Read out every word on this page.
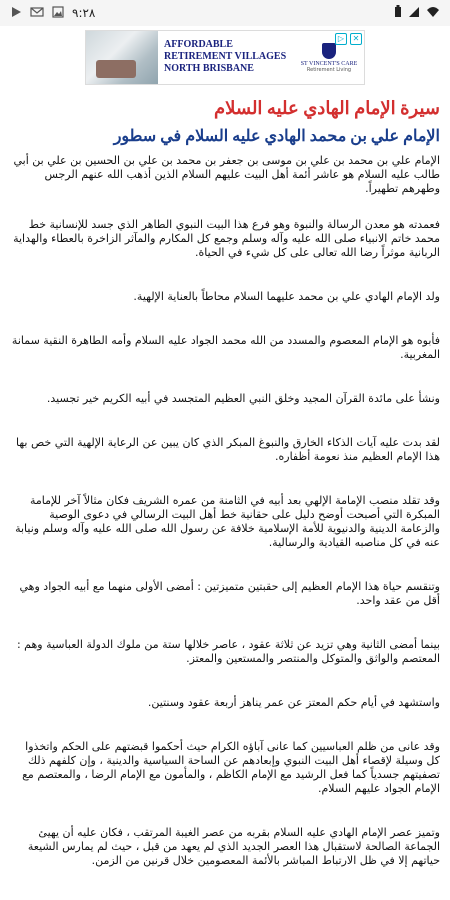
٩:٢٨
AFFORDABLE RETIREMENT VILLAGES NORTH BRISBANE	ST VINCENT'S CARE
Retirement Living
▷	✕
سيرة الإمام الهادي عليه السلام
الإمام علي بن محمد الهادي عليه السلام في سطور

الإمام علي بن محمد بن علي بن موسى بن جعفر بن محمد بن علي بن الحسين بن علي بن أبي طالب عليه السلام هو عاشر أئمة أهل البيت عليهم السلام الذين أذهب الله عنهم الرجس وطهرهم تطهيراً.

فعمدته هو معدن الرسالة والنبوة وهو فرع هذا البيت النبوي الطاهر الذي جسد للإنسانية خط محمد خاتم الانبياء صلى الله عليه وآله وسلم وجمع كل المكارم والمآثر الزاخرة بالعطاء والهداية الربانية موثراً رضا الله تعالى على كل شيء في الحياة.

ولد الإمام الهادي علي بن محمد عليهما السلام محاطاً بالعناية الإلهية.

فأبوه هو الإمام المعصوم والمسدد من الله محمد الجواد عليه السلام وأمه الطاهرة النقية سمانة المغربية.

ونشأ على مائدة القرآن المجيد وخلق النبي العظيم المتجسد في أبيه الكريم خير تجسيد.

لقد بدت عليه آيات الذكاء الخارق والنبوغ المبكر الذي كان يبين عن الرعاية الإلهية التي خص بها هذا الإمام العظيم منذ نعومة أظفاره.

وقد تقلد منصب الإمامة الإلهي بعد أبيه في الثامنة من عمره الشريف فكان مثالاً آخر للإمامة المبكرة التي أصبحت أوضح دليل على حقانية خط أهل البيت الرسالي في دعوى الوصية والزعامة الدينية والدنيوية للأمة الإسلامية خلافة عن رسول الله صلى الله عليه وآله وسلم ونيابة عنه في كل مناصبه القيادية والرسالية.

وتنقسم حياة هذا الإمام العظيم إلى حقبتين متميزتين : أمضى الأولى منهما مع أبيه الجواد وهي أقل من عقد واحد.

بينما أمضى الثانية وهي تزيد عن ثلاثة عقود ، عاصر خلالها ستة من ملوك الدولة العباسية وهم : المعتصم والواثق والمتوكل والمنتصر والمستعين والمعتز.

واستشهد في أيام حكم المعتز عن عمر يناهز أربعة عقود وسنتين.

وقد عانى من ظلم العباسيين كما عانى آباؤه الكرام حيث أحكموا قبضتهم على الحكم واتخذوا كل وسيلة لإقصاء أهل البيت النبوي وإبعادهم عن الساحة السياسية والدينية ، وإن كلفهم ذلك تصفيتهم جسدياً كما فعل الرشيد مع الإمام الكاظم ، والمأمون مع الإمام الرضا ، والمعتصم مع الإمام الجواد عليهم السلام.

وتميز عصر الإمام الهادي عليه السلام بقربه من عصر الغيبة المرتقب ، فكان عليه أن يهيئ الجماعة الصالحة لاستقبال هذا العصر الجديد الذي لم يعهد من قبل ، حيث لم يمارس الشيعة حياتهم إلا في ظل الارتباط المباشر بالأئمة المعصومين خلال قرنين من الزمن.
